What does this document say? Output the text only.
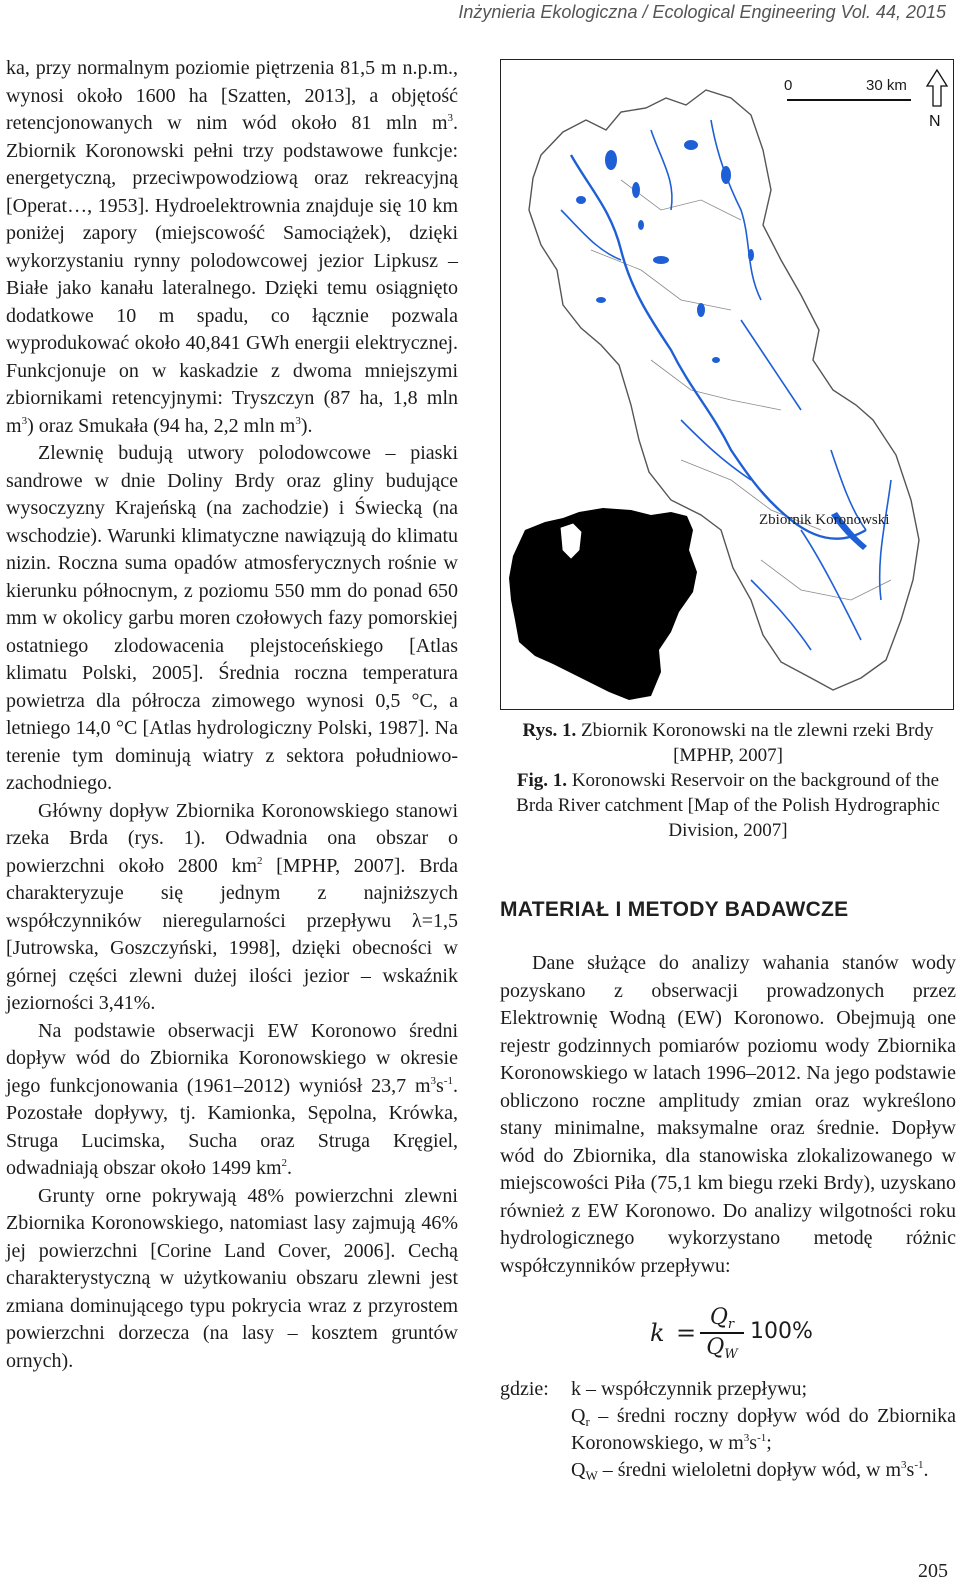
Inżynieria Ekologiczna / Ecological Engineering Vol. 44, 2015

ka, przy normalnym poziomie piętrzenia 81,5 m n.p.m., wynosi około 1600 ha [Szatten, 2013], a objętość retencjonowanych w nim wód około 81 mln $m^3$. Zbiornik Koronowski pełni trzy podstawowe funkcje: energetyczną, przeciwpowodziową oraz rekreacyjną [Operat…, 1953]. Hydroelektrownia znajduje się 10 km poniżej zapory (miejscowość Samociążek), dzięki wykorzystaniu rynny polodowcowej jezior Lipkusz – Białe jako kanału lateralnego. Dzięki temu osiągnięto dodatkowe 10 m spadu, co łącznie pozwala wyprodukować około 40,841 GWh energii elektrycznej. Funkcjonuje on w kaskadzie z dwoma mniejszymi zbiornikami retencyjnymi: Tryszczyn (87 ha, 1,8 mln $m^3$) oraz Smukała (94 ha, 2,2 mln $m^3$).

Zlewnię budują utwory polodowcowe – piaski sandrowe w dnie Doliny Brdy oraz gliny budujące wysoczyzny Krajeńską (na zachodzie) i Świecką (na wschodzie). Warunki klimatyczne nawiązują do klimatu nizin. Roczna suma opadów atmosferycznych rośnie w kierunku północnym, z poziomu 550 mm do ponad 650 mm w okolicy garbu moren czołowych fazy pomorskiej ostatniego zlodowacenia plejstoceńskiego [Atlas klimatu Polski, 2005]. Średnia roczna temperatura powietrza dla półrocza zimowego wynosi 0,5 °C, a letniego 14,0 °C [Atlas hydrologiczny Polski, 1987]. Na terenie tym dominują wiatry z sektora południowo-zachodniego.

Główny dopływ Zbiornika Koronowskiego stanowi rzeka Brda (rys. 1). Odwadnia ona obszar o powierzchni około 2800 $km^2$ [MPHP, 2007]. Brda charakteryzuje się jednym z najniższych współczynników nieregularności przepływu λ=1,5 [Jutrowska, Goszczyński, 1998], dzięki obecności w górnej części zlewni dużej ilości jezior – wskaźnik jeziorności 3,41%.

Na podstawie obserwacji EW Koronowo średni dopływ wód do Zbiornika Koronowskiego w okresie jego funkcjonowania (1961–2012) wyniósł 23,7 $m^3s^{-1}$. Pozostałe dopływy, tj. Kamionka, Sępolna, Krówka, Struga Lucimska, Sucha oraz Struga Kręgiel, odwadniają obszar około 1499 $km^2$.

Grunty orne pokrywają 48% powierzchni zlewni Zbiornika Koronowskiego, natomiast lasy zajmują 46% jej powierzchni [Corine Land Cover, 2006]. Cechą charakterystyczną w użytkowaniu obszaru zlewni jest zmiana dominującego typu pokrycia wraz z przyrostem powierzchni dorzecza (na lasy – kosztem gruntów ornych).

Zbiornik Koronowski
0	30 km
N

Rys. 1. Zbiornik Koronowski na tle zlewni rzeki Brdy [MPHP, 2007]

Fig. 1. Koronowski Reservoir on the background of the Brda River catchment [Map of the Polish Hydrographic Division, 2007]

MATERIAŁ I METODY BADAWCZE

Dane służące do analizy wahania stanów wody pozyskano z obserwacji prowadzonych przez Elektrownię Wodną (EW) Koronowo. Obejmują one rejestr godzinnych pomiarów poziomu wody Zbiornika Koronowskiego w latach 1996–2012. Na jego podstawie obliczono roczne amplitudy zmian oraz wykreślono stany minimalne, maksymalne oraz średnie. Dopływ wód do Zbiornika, dla stanowiska zlokalizowanego w miejscowości Piła (75,1 km biegu rzeki Brdy), uzyskano również z EW Koronowo. Do analizy wilgotności roku hydrologicznego wykorzystano metodę różnic współczynników przepływu:

k =
$Q_r$
$Q_W$
100%
gdzie:	k – współczynnik przepływu;
$Q_r$ – średni roczny dopływ wód do Zbiornika Koronowskiego, w $m^3s^{-1}$;
$Q_W$ – średni wieloletni dopływ wód, w $m^3s^{-1}$.
205
